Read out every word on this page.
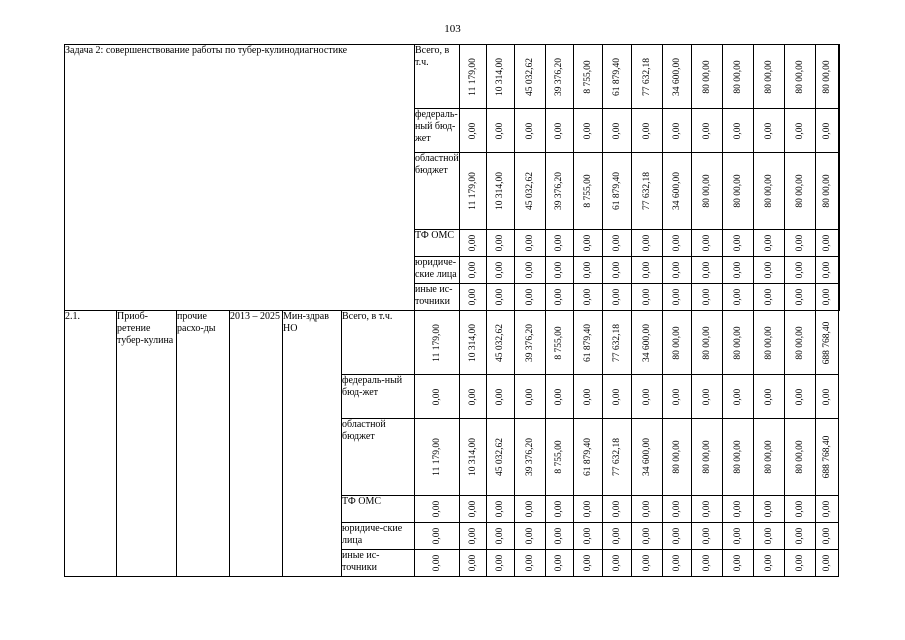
103
Задача 2: совершенствование работы по тубер-кулинодиагностике						Всего, в т.ч.	11 179,00	10 314,00	45 032,62	39 376,20	8 755,00	61 879,40	77 632,18	34 600,00	80 00,00	80 00,00	80 00,00	80 00,00	80 00,00

						федераль-ный бюд-жет	0,00	0,00	0,00	0,00	0,00	0,00	0,00	0,00	0,00	0,00	0,00	0,00	0,00

						областной бюджет	11 179,00	10 314,00	45 032,62	39 376,20	8 755,00	61 879,40	77 632,18	34 600,00	80 00,00	80 00,00	80 00,00	80 00,00	80 00,00

						ТФ ОМС	0,00	0,00	0,00	0,00	0,00	0,00	0,00	0,00	0,00	0,00	0,00	0,00	0,00

						юридиче-ские лица	0,00	0,00	0,00	0,00	0,00	0,00	0,00	0,00	0,00	0,00	0,00	0,00	0,00

						иные ис-точники	0,00	0,00	0,00	0,00	0,00	0,00	0,00	0,00	0,00	0,00	0,00	0,00	0,00

2.1.	Приоб-ретение тубер-кулина	прочие расхо-ды	2013 – 2025	Мин-здрав НО	Всего, в т.ч.	11 179,00	10 314,00	45 032,62	39 376,20	8 755,00	61 879,40	77 632,18	34 600,00	80 00,00	80 00,00	80 00,00	80 00,00	80 00,00	688 768,40	

					федераль-ный бюд-жет	0,00	0,00	0,00	0,00	0,00	0,00	0,00	0,00	0,00	0,00	0,00	0,00	0,00	0,00	

					областной бюджет	11 179,00	10 314,00	45 032,62	39 376,20	8 755,00	61 879,40	77 632,18	34 600,00	80 00,00	80 00,00	80 00,00	80 00,00	80 00,00	688 768,40	

					ТФ ОМС	0,00	0,00	0,00	0,00	0,00	0,00	0,00	0,00	0,00	0,00	0,00	0,00	0,00	0,00	

					юридиче-ские лица	0,00	0,00	0,00	0,00	0,00	0,00	0,00	0,00	0,00	0,00	0,00	0,00	0,00	0,00	

					иные ис-точники	0,00	0,00	0,00	0,00	0,00	0,00	0,00	0,00	0,00	0,00	0,00	0,00	0,00	0,00	
